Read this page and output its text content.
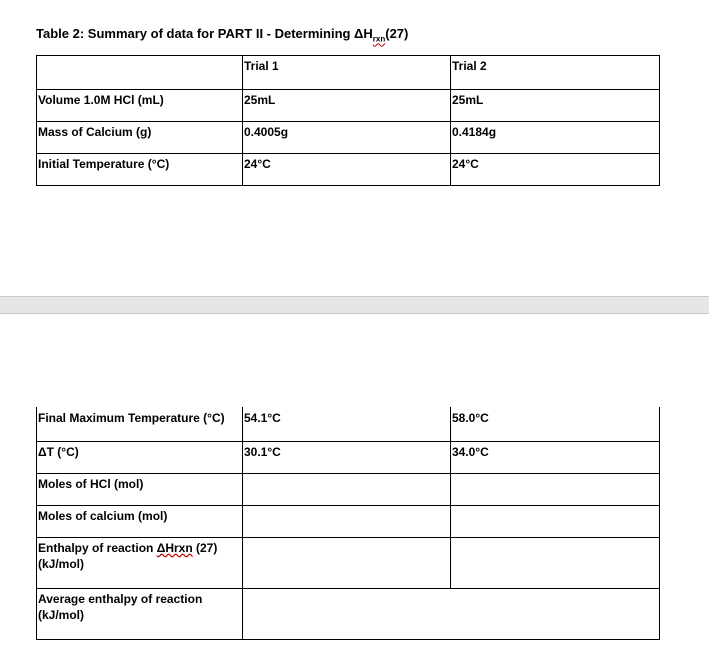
Table 2: Summary of data for PART II - Determining $\Delta H_{rxn}(27)$
	Trial 1	Trial 2
Volume 1.0M HCl (mL)	25mL	25mL
Mass of Calcium (g)	0.4005g	0.4184g
Initial Temperature (°C)	24°C	24°C
Final Maximum Temperature (°C)	54.1°C	58.0°C
ΔT (°C)	30.1°C	34.0°C
Moles of HCl (mol)		
Moles of calcium (mol)		
Enthalpy of reaction ΔHrxn (27)
(kJ/mol)		
Average enthalpy of reaction
(kJ/mol)		
